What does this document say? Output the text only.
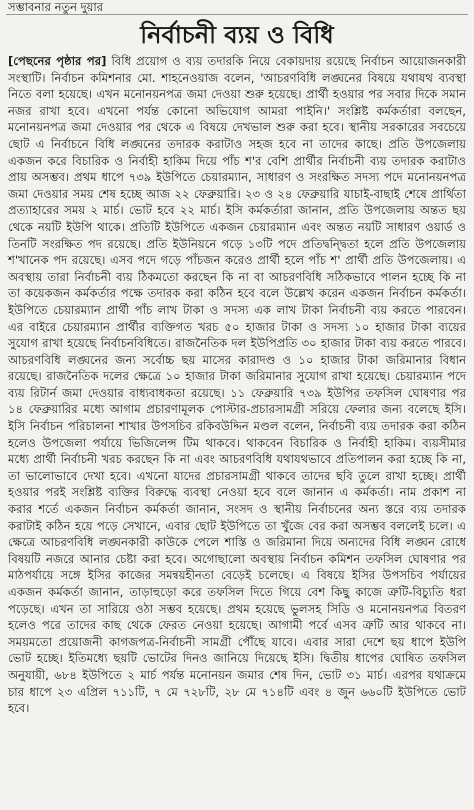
সম্ভাবনার নতুন দুয়ার
নির্বাচনী ব্যয় ও বিধি

[পেছনের পৃষ্ঠার পর] বিধি প্রয়োগ ও ব্যয় তদারকি নিয়ে বেকায়দায় রয়েছে নির্বাচন আয়োজনকারী সংস্থাটি। নির্বাচন কমিশনার মো. শাহনেওয়াজ বলেন, 'আচরণবিধি লঙ্ঘনের বিষয়ে যথাযথ ব্যবস্থা নিতে বলা হয়েছে। এখন মনোনয়নপত্র জমা দেওয়া শুরু হয়েছে। প্রার্থী হওয়ার পর সবার দিকে সমান নজর রাখা হবে। এখনো পর্যন্ত কোনো অভিযোগ আমরা পাইনি।' সংশ্লিষ্ট কর্মকর্তারা বলছেন, মনোনয়নপত্র জমা দেওয়ার পর থেকে এ বিষয়ে দেখভাল শুরু করা হবে। স্থানীয় সরকারের সবচেয়ে ছোট এ নির্বাচনে বিধি লঙ্ঘনের তদারক করাটাও সহজ হবে না তাদের কাছে। প্রতি উপজেলায় একজন করে বিচারিক ও নির্বাহী হাকিম দিয়ে পাঁচ শ'র বেশি প্রার্থীর নির্বাচনী ব্যয় তদারক করাটাও প্রায় অসম্ভব। প্রথম ধাপে ৭৩৯ ইউপিতে চেয়ারম্যান, সাধারণ ও সংরক্ষিত সদস্য পদে মনোনয়নপত্র জমা দেওয়ার সময় শেষ হচ্ছে আজ ২২ ফেব্রুয়ারি। ২৩ ও ২৪ ফেব্রুয়ারি যাচাই-বাছাই শেষে প্রার্থিতা প্রত্যাহারের সময় ২ মার্চ। ভোট হবে ২২ মার্চ। ইসি কর্মকর্তারা জানান, প্রতি উপজেলায় অন্তত ছয় থেকে নয়টি ইউপি থাকে। প্রতিটি ইউপিতে একজন চেয়ারম্যান এবং অন্তত নয়টি সাধারণ ওয়ার্ড ও তিনটি সংরক্ষিত পদ রয়েছে। প্রতি ইউনিয়নে গড়ে ১৩টি পদে প্রতিদ্বন্দ্বিতা হলে প্রতি উপজেলায় শ'খানেক পদ রয়েছে। এসব পদে গড়ে পাঁচজন করেও প্রার্থী হলে পাঁচ শ' প্রার্থী প্রতি উপজেলায়। এ অবস্থায় তারা নির্বাচনী ব্যয় ঠিকমতো করছেন কি না বা আচরণবিধি সঠিকভাবে পালন হচ্ছে কি না তা কয়েকজন কর্মকর্তার পক্ষে তদারক করা কঠিন হবে বলে উল্লেখ করেন একজন নির্বাচন কর্মকর্তা। ইউপিতে চেয়ারম্যান প্রার্থী পাঁচ লাখ টাকা ও সদস্য এক লাখ টাকা নির্বাচনী ব্যয় করতে পারবেন। এর বাইরে চেয়ারম্যান প্রার্থীর ব্যক্তিগত খরচ ৫০ হাজার টাকা ও সদস্য ১০ হাজার টাকা ব্যয়ের সুযোগ রাখা হয়েছে নির্বাচনবিধিতে। রাজনৈতিক দল ইউপিপ্রতি ৩০ হাজার টাকা ব্যয় করতে পারবে। আচরণবিধি লঙ্ঘনের জন্য সর্বোচ্চ ছয় মাসের কারাদণ্ড ও ১০ হাজার টাকা জরিমানার বিধান রয়েছে। রাজনৈতিক দলের ক্ষেত্রে ১০ হাজার টাকা জরিমানার সুযোগ রাখা হয়েছে। চেয়ারম্যান পদে ব্যয় রিটার্ন জমা দেওয়ার বাধ্যবাধকতা রয়েছে। ১১ ফেব্রুয়ারি ৭৩৯ ইউপির তফসিল ঘোষণার পর ১৪ ফেব্রুয়ারির মধ্যে আগাম প্রচারণামূলক পোস্টার-প্রচারসামগ্রী সরিয়ে ফেলার জন্য বলেছে ইসি। ইসি নির্বাচন পরিচালনা শাখার উপসচিব রকিবউদ্দিন মণ্ডল বলেন, নির্বাচনী ব্যয় তদারক করা কঠিন হলেও উপজেলা পর্যায়ে ভিজিলেন্স টিম থাকবে। থাকবেন বিচারিক ও নির্বাহী হাকিম। ব্যয়সীমার মধ্যে প্রার্থী নির্বাচনী খরচ করছেন কি না এবং আচরণবিধি যথাযথভাবে প্রতিপালন করা হচ্ছে কি না, তা ভালোভাবে দেখা হবে। এখনো যাদের প্রচারসামগ্রী থাকবে তাদের ছবি তুলে রাখা হচ্ছে। প্রার্থী হওয়ার পরই সংশ্লিষ্ট ব্যক্তির বিরুদ্ধে ব্যবস্থা নেওয়া হবে বলে জানান এ কর্মকর্তা। নাম প্রকাশ না করার শর্তে একজন নির্বাচন কর্মকর্তা জানান, সংসদ ও স্থানীয় নির্বাচনের অন্য স্তরে ব্যয় তদারক করাটাই কঠিন হয়ে পড়ে সেখানে, এবার ছোট ইউপিতে তা খুঁজে বের করা অসম্ভব বললেই চলে। এ ক্ষেত্রে আচরণবিধি লঙ্ঘনকারী কাউকে পেলে শাস্তি ও জরিমানা দিয়ে অন্যদের বিধি লঙ্ঘন রোধে বিষয়টি নজরে আনার চেষ্টা করা হবে। অগোছালো অবস্থায় নির্বাচন কমিশন তফসিল ঘোষণার পর মাঠপর্যায়ে সঙ্গে ইসির কাজের সমন্বয়হীনতা বেড়েই চলেছে। এ বিষয়ে ইসির উপসচিব পর্যায়ের একজন কর্মকর্তা জানান, তাড়াহুড়ো করে তফসিল দিতে গিয়ে বেশ কিছু কাজে ত্রুটি-বিচ্যুতি ধরা পড়েছে। এখন তা সারিয়ে ওঠা সম্ভব হয়েছে। প্রথম হয়েছে ভুলসহ সিডি ও মনোনয়নপত্র বিতরণ হলেও পরে তাদের কাছ থেকে ফেরত নেওয়া হয়েছে। আগামী পর্বে এসব ত্রুটি আর থাকবে না। সময়মতো প্রয়োজনী কাগজপত্র-নির্বাচনী সামগ্রী পৌঁছে যাবে। এবার সারা দেশে ছয় ধাপে ইউপি ভোট হচ্ছে। ইতিমধ্যে ছয়টি ভোটের দিনও জানিয়ে দিয়েছে ইসি। দ্বিতীয় ধাপের ঘোষিত তফসিল অনুযায়ী, ৬৮৪ ইউপিতে ২ মার্চ পর্যন্ত মনোনয়ন জমার শেষ দিন, ভোট ৩১ মার্চ। এরপর যথাক্রমে চার ধাপে ২৩ এপ্রিল ৭১১টি, ৭ মে ৭২৮টি, ২৮ মে ৭১৪টি এবং ৪ জুন ৬৬০টি ইউপিতে ভোট হবে।
